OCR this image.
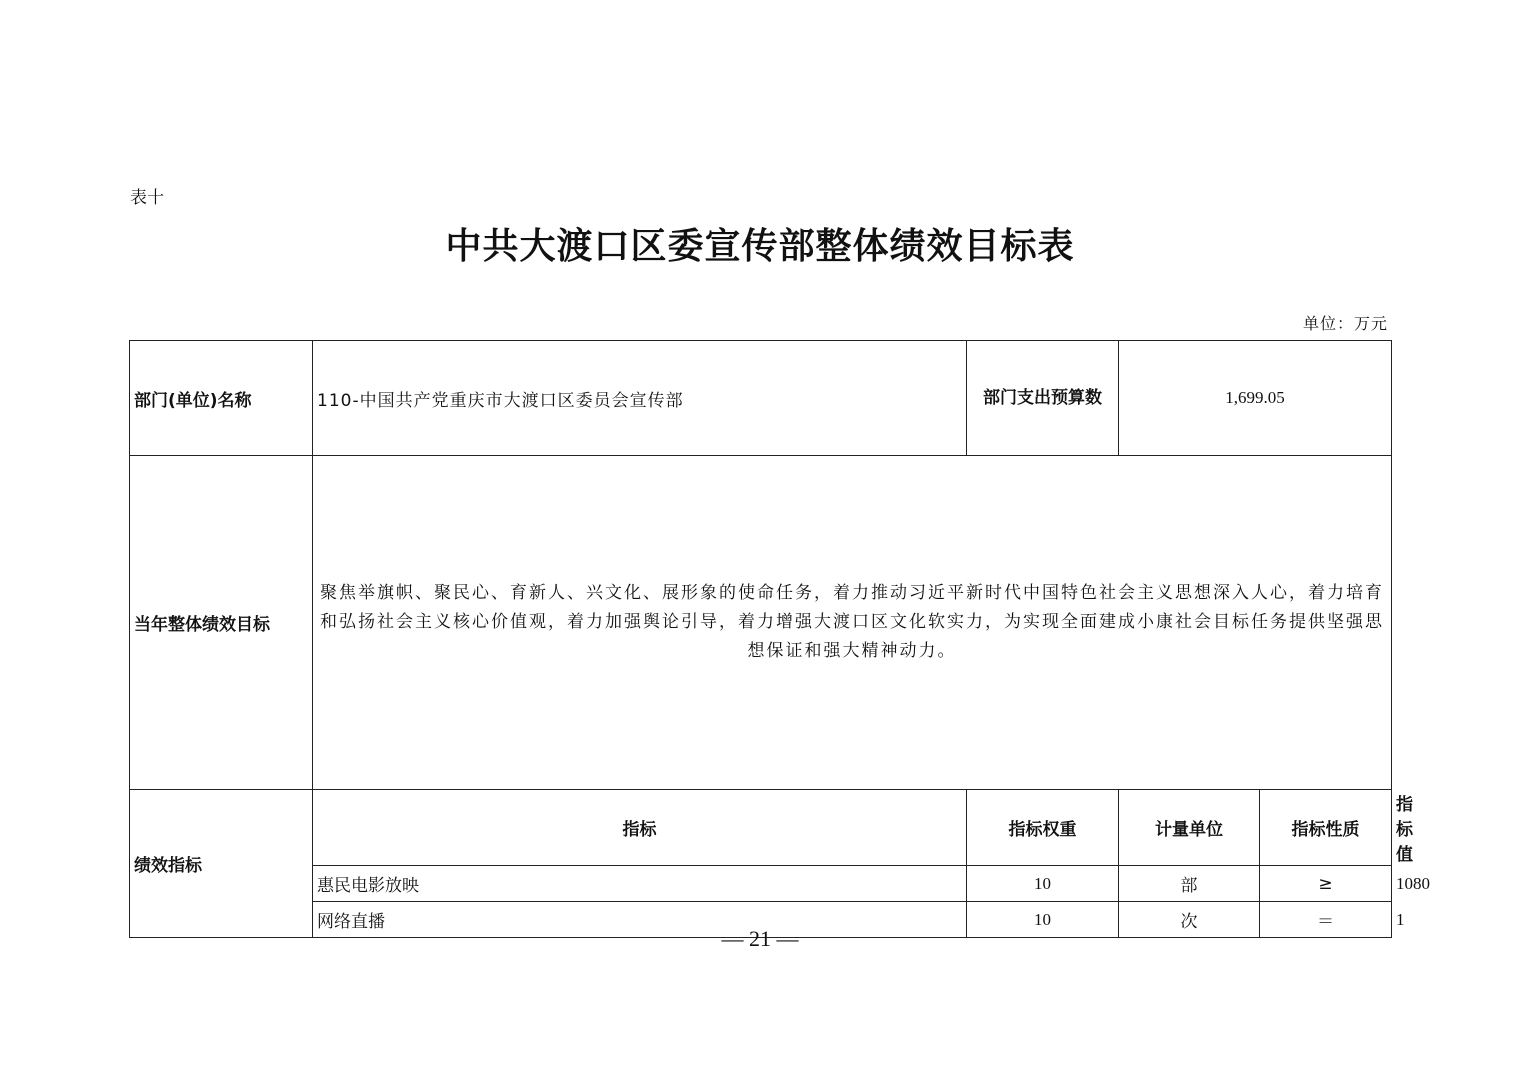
表十
中共大渡口区委宣传部整体绩效目标表
单位：万元
部门(单位)名称	110-中国共产党重庆市大渡口区委员会宣传部	部门支出预算数	1,699.05		
当年整体绩效目标	聚焦举旗帜、聚民心、育新人、兴文化、展形象的使命任务，着力推动习近平新时代中国特色社会主义思想深入人心，着力培育和弘扬社会主义核心价值观，着力加强舆论引导，着力增强大渡口区文化软实力，为实现全面建成小康社会目标任务提供坚强思想保证和强大精神动力。				
绩效指标	指标	指标权重	计量单位	指标性质	指标值
	惠民电影放映	10	部	≥	1080
	网络直播	10	次	＝	1
— 21 —
